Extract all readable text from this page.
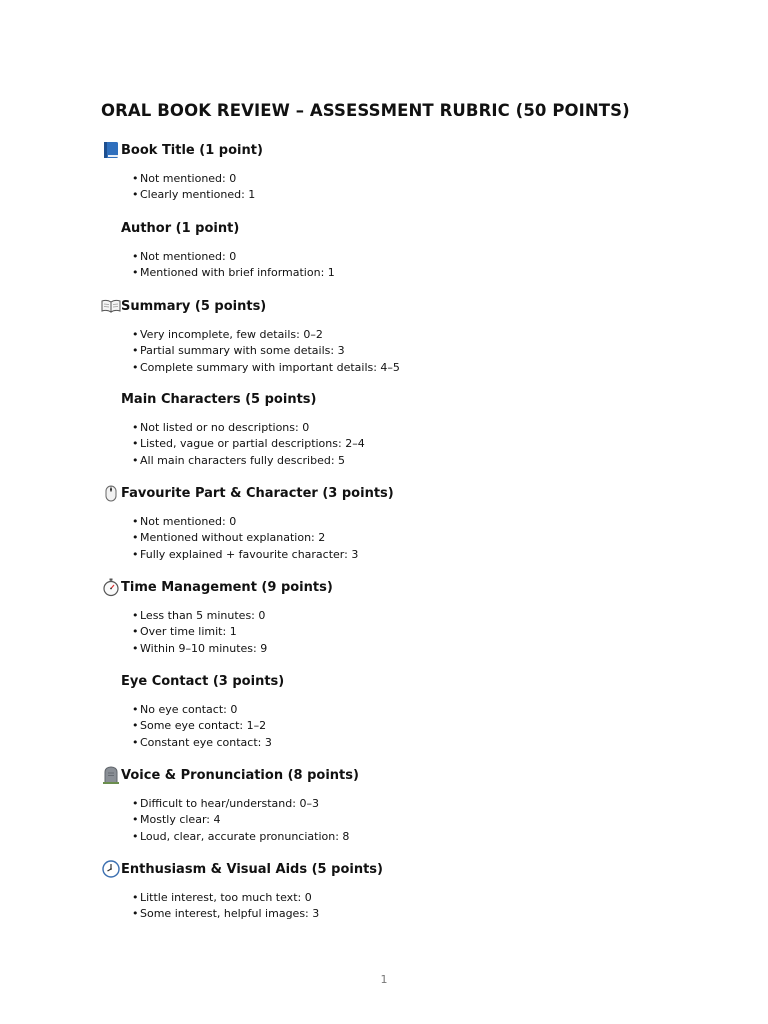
ORAL BOOK REVIEW – ASSESSMENT RUBRIC (50 POINTS)
Book Title (1 point)
• Not mentioned: 0
• Clearly mentioned: 1
Author (1 point)
• Not mentioned: 0
• Mentioned with brief information: 1
Summary (5 points)
• Very incomplete, few details: 0–2
• Partial summary with some details: 3
• Complete summary with important details: 4–5
Main Characters (5 points)
• Not listed or no descriptions: 0
• Listed, vague or partial descriptions: 2–4
• All main characters fully described: 5
Favourite Part & Character (3 points)
• Not mentioned: 0
• Mentioned without explanation: 2
• Fully explained + favourite character: 3
Time Management (9 points)
• Less than 5 minutes: 0
• Over time limit: 1
• Within 9–10 minutes: 9
Eye Contact (3 points)
• No eye contact: 0
• Some eye contact: 1–2
• Constant eye contact: 3
Voice & Pronunciation (8 points)
• Difficult to hear/understand: 0–3
• Mostly clear: 4
• Loud, clear, accurate pronunciation: 8
Enthusiasm & Visual Aids (5 points)
• Little interest, too much text: 0
• Some interest, helpful images: 3
1
